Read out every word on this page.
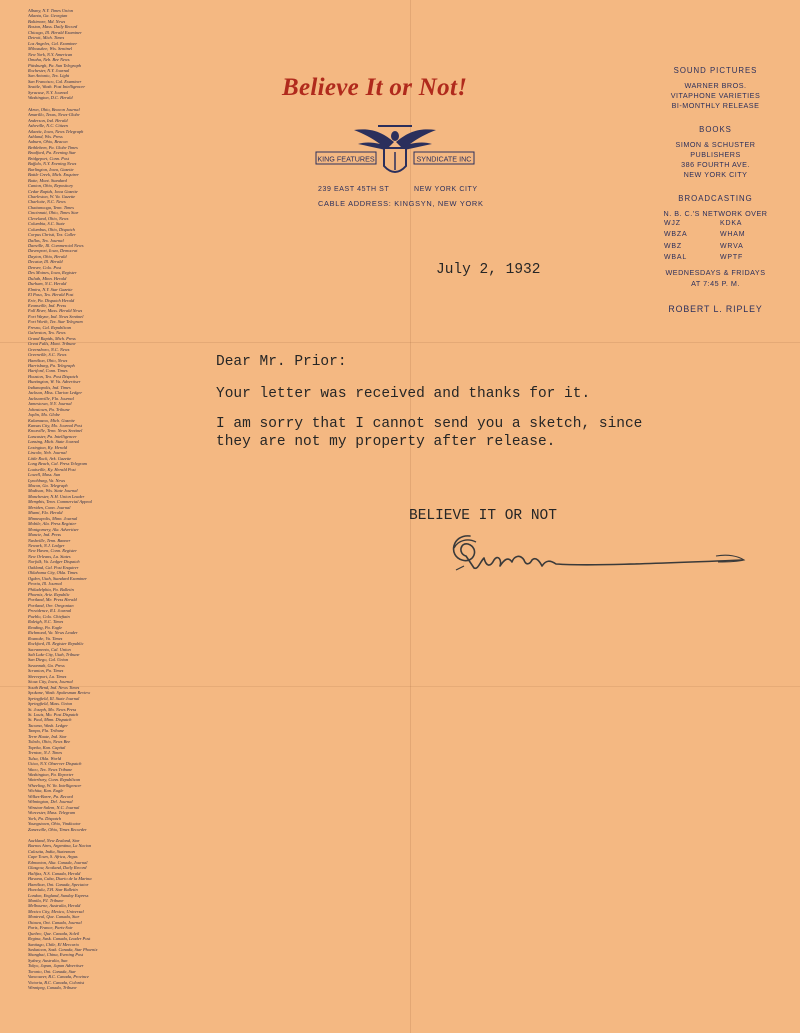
Albany, N.Y. Times Union
Atlanta, Ga. Georgian
Baltimore, Md. News
Boston, Mass. Daily Record
Chicago, Ill. Herald Examiner
Detroit, Mich. Times
Los Angeles, Cal. Examiner
Milwaukee, Wis. Sentinel
New York, N.Y. American
Omaha, Neb. Bee News
Pittsburgh, Pa. Sun Telegraph
Rochester, N.Y. Journal
San Antonio, Tex. Light
San Francisco, Cal. Examiner
Seattle, Wash. Post Intelligencer
Syracuse, N.Y. Journal
Washington, D.C. Herald
Akron, Ohio, Beacon Journal
Amarillo, Texas, News-Globe
Anderson, Ind. Herald
Asheville, N.C. Citizen
Atlantic, Iowa, News Telegraph
Ashland, Wis. Press
Auburn, Ohio, Beacon
Bethlehem, Pa. Globe Times
Bradford, Pa. Evening Star
Bridgeport, Conn. Post
Buffalo, N.Y. Evening News
Burlington, Iowa, Gazette
Battle Creek, Mich. Enquirer
Butte, Mont. Standard
Canton, Ohio, Repository
Cedar Rapids, Iowa Gazette
Charleston, W. Va. Gazette
Charlotte, N.C. News
Chattanooga, Tenn. Times
Cincinnati, Ohio, Times Star
Cleveland, Ohio, News
Columbia, S.C. State
Columbus, Ohio, Dispatch
Corpus Christi, Tex. Caller
Dallas, Tex. Journal
Danville, Ill. Commercial News
Davenport, Iowa, Democrat
Dayton, Ohio, Herald
Decatur, Ill. Herald
Denver, Colo. Post
Des Moines, Iowa, Register
Duluth, Minn. Herald
Durham, N.C. Herald
Elmira, N.Y. Star Gazette
El Paso, Tex. Herald Post
Erie, Pa. Dispatch Herald
Evansville, Ind. Press
Fall River, Mass. Herald News
Fort Wayne, Ind. News Sentinel
Fort Worth, Tex. Star Telegram
Fresno, Cal. Republican
Galveston, Tex. News
Grand Rapids, Mich. Press
Great Falls, Mont. Tribune
Greensboro, N.C. News
Greenville, S.C. News
Hamilton, Ohio, News
Harrisburg, Pa. Telegraph
Hartford, Conn. Times
Houston, Tex. Post Dispatch
Huntington, W. Va. Advertiser
Indianapolis, Ind. Times
Jackson, Miss. Clarion Ledger
Jacksonville, Fla. Journal
Jamestown, N.Y. Journal
Johnstown, Pa. Tribune
Joplin, Mo. Globe
Kalamazoo, Mich. Gazette
Kansas City, Mo. Journal Post
Knoxville, Tenn. News Sentinel
Lancaster, Pa. Intelligencer
Lansing, Mich. State Journal
Lexington, Ky. Herald
Lincoln, Neb. Journal
Little Rock, Ark. Gazette
Long Beach, Cal. Press Telegram
Louisville, Ky. Herald Post
Lowell, Mass. Sun
Lynchburg, Va. News
Macon, Ga. Telegraph
Madison, Wis. State Journal
Manchester, N.H. Union Leader
Memphis, Tenn. Commercial Appeal
Meriden, Conn. Journal
Miami, Fla. Herald
Minneapolis, Minn. Journal
Mobile, Ala. Press Register
Montgomery, Ala. Advertiser
Muncie, Ind. Press
Nashville, Tenn. Banner
Newark, N.J. Ledger
New Haven, Conn. Register
New Orleans, La. States
Norfolk, Va. Ledger Dispatch
Oakland, Cal. Post Enquirer
Oklahoma City, Okla. Times
Ogden, Utah, Standard Examiner
Peoria, Ill. Journal
Philadelphia, Pa. Bulletin
Phoenix, Ariz. Republic
Portland, Me. Press Herald
Portland, Ore. Oregonian
Providence, R.I. Journal
Pueblo, Colo. Chieftain
Raleigh, N.C. Times
Reading, Pa. Eagle
Richmond, Va. News Leader
Roanoke, Va. Times
Rockford, Ill. Register Republic
Sacramento, Cal. Union
Salt Lake City, Utah, Tribune
San Diego, Cal. Union
Savannah, Ga. Press
Scranton, Pa. Times
Shreveport, La. Times
Sioux City, Iowa, Journal
South Bend, Ind. News Times
Spokane, Wash. Spokesman Review
Springfield, Ill. State Journal
Springfield, Mass. Union
St. Joseph, Mo. News Press
St. Louis, Mo. Post Dispatch
St. Paul, Minn. Dispatch
Tacoma, Wash. Ledger
Tampa, Fla. Tribune
Terre Haute, Ind. Star
Toledo, Ohio, News Bee
Topeka, Kan. Capital
Trenton, N.J. Times
Tulsa, Okla. World
Utica, N.Y. Observer Dispatch
Waco, Tex. News Tribune
Washington, Pa. Reporter
Waterbury, Conn. Republican
Wheeling, W. Va. Intelligencer
Wichita, Kan. Eagle
Wilkes-Barre, Pa. Record
Wilmington, Del. Journal
Winston-Salem, N.C. Journal
Worcester, Mass. Telegram
York, Pa. Dispatch
Youngstown, Ohio, Vindicator
Zanesville, Ohio, Times Recorder
Auckland, New Zealand, Star
Buenos Aires, Argentina, La Nacion
Calcutta, India, Statesman
Cape Town, S. Africa, Argus
Edmonton, Alta. Canada, Journal
Glasgow, Scotland, Daily Record
Halifax, N.S. Canada, Herald
Havana, Cuba, Diario de la Marina
Hamilton, Ont. Canada, Spectator
Honolulu, T.H. Star Bulletin
London, England, Sunday Express
Manila, P.I. Tribune
Melbourne, Australia, Herald
Mexico City, Mexico, Universal
Montreal, Que. Canada, Star
Ottawa, Ont. Canada, Journal
Paris, France, Paris-Soir
Quebec, Que. Canada, Soleil
Regina, Sask. Canada, Leader Post
Santiago, Chile, El Mercurio
Saskatoon, Sask. Canada, Star Phoenix
Shanghai, China, Evening Post
Sydney, Australia, Sun
Tokyo, Japan, Japan Advertiser
Toronto, Ont. Canada, Star
Vancouver, B.C. Canada, Province
Victoria, B.C. Canada, Colonist
Winnipeg, Canada, Tribune
Believe It or Not!
KING FEATURES	SYNDICATE INC
239 EAST 45TH ST	NEW YORK CITY
CABLE ADDRESS: KINGSYN, NEW YORK
SOUND PICTURES
WARNER BROS.
VITAPHONE VARIETIES
BI-MONTHLY RELEASE
BOOKS
SIMON & SCHUSTER
PUBLISHERS
386 FOURTH AVE.
NEW YORK CITY
BROADCASTING
N. B. C.'S NETWORK OVER
WJZ	KDKA
WBZA	WHAM
WBZ	WRVA
WBAL	WPTF
WEDNESDAYS & FRIDAYS
AT 7:45 P. M.
ROBERT L. RIPLEY
July 2, 1932
Dear Mr. Prior:
Your letter was received and thanks for it.
I am sorry that I cannot send you a sketch, since
they are not my property after release.
BELIEVE IT OR NOT
